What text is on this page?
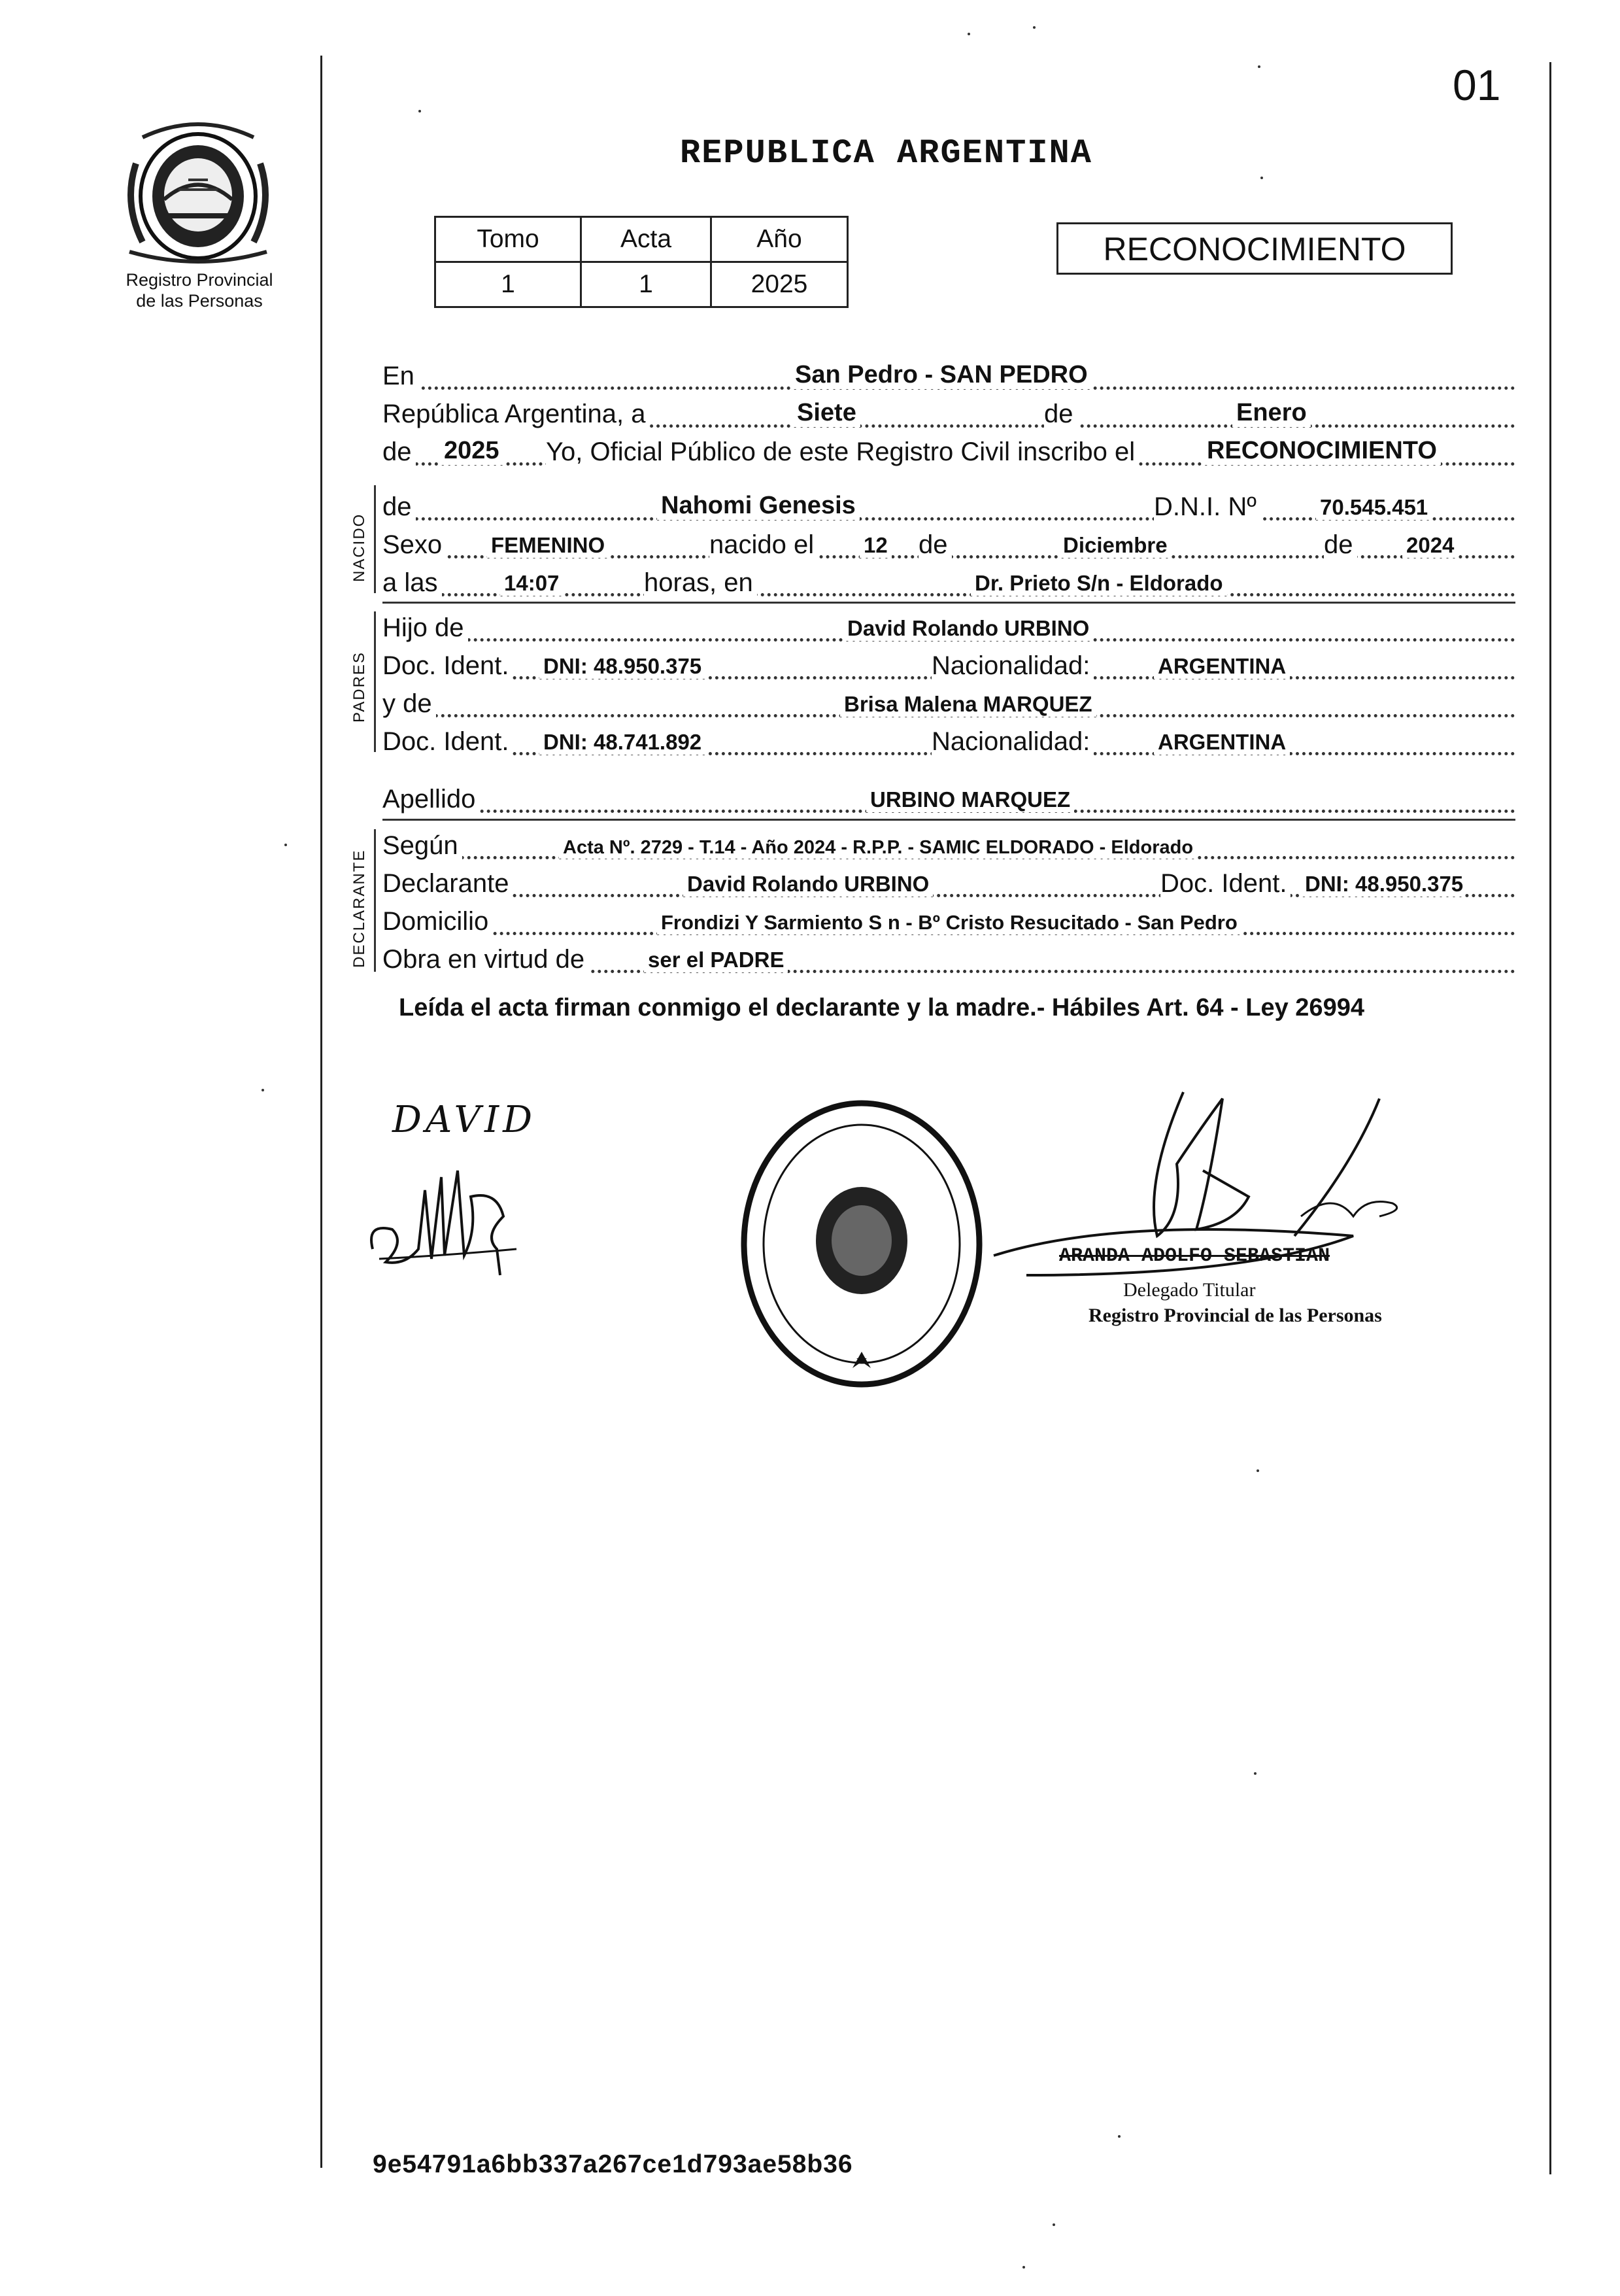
01
REPUBLICA ARGENTINA
Registro Provincial
de las Personas
Tomo	Acta	Año
1	1	2025
RECONOCIMIENTO
En	San Pedro - SAN PEDRO
República Argentina, a	Siete	de	Enero
de 2025 Yo, Oficial Público de este Registro Civil inscribo el	RECONOCIMIENTO
NACIDO
de	Nahomi Genesis	D.N.I. Nº	70.545.451
Sexo FEMENINO	nacido el 12 de	Diciembre	de 2024
a las	14:07	horas, en	Dr. Prieto S/n - Eldorado
PADRES
Hijo de	David Rolando URBINO
Doc. Ident. DNI: 48.950.375	Nacionalidad:	ARGENTINA
y de	Brisa Malena MARQUEZ
Doc. Ident. DNI: 48.741.892	Nacionalidad:	ARGENTINA
Apellido	URBINO MARQUEZ
DECLARANTE
Según	Acta Nº. 2729 - T.14 - Año 2024 - R.P.P. - SAMIC ELDORADO - Eldorado
Declarante	David Rolando URBINO	Doc. Ident. DNI: 48.950.375
Domicilio	Frondizi Y Sarmiento S n - Bº Cristo Resucitado - San Pedro
Obra en virtud de	ser el PADRE
Leída el acta firman conmigo el declarante y la madre.- Hábiles Art. 64 - Ley 26994
DAVID
DELEGACION DEL REGISTRO PROVINCIAL DE LAS PERSONAS · SAN PEDRO
ARANDA ADOLFO SEBASTIAN
Delegado Titular
Registro Provincial de las Personas
9e54791a6bb337a267ce1d793ae58b36
